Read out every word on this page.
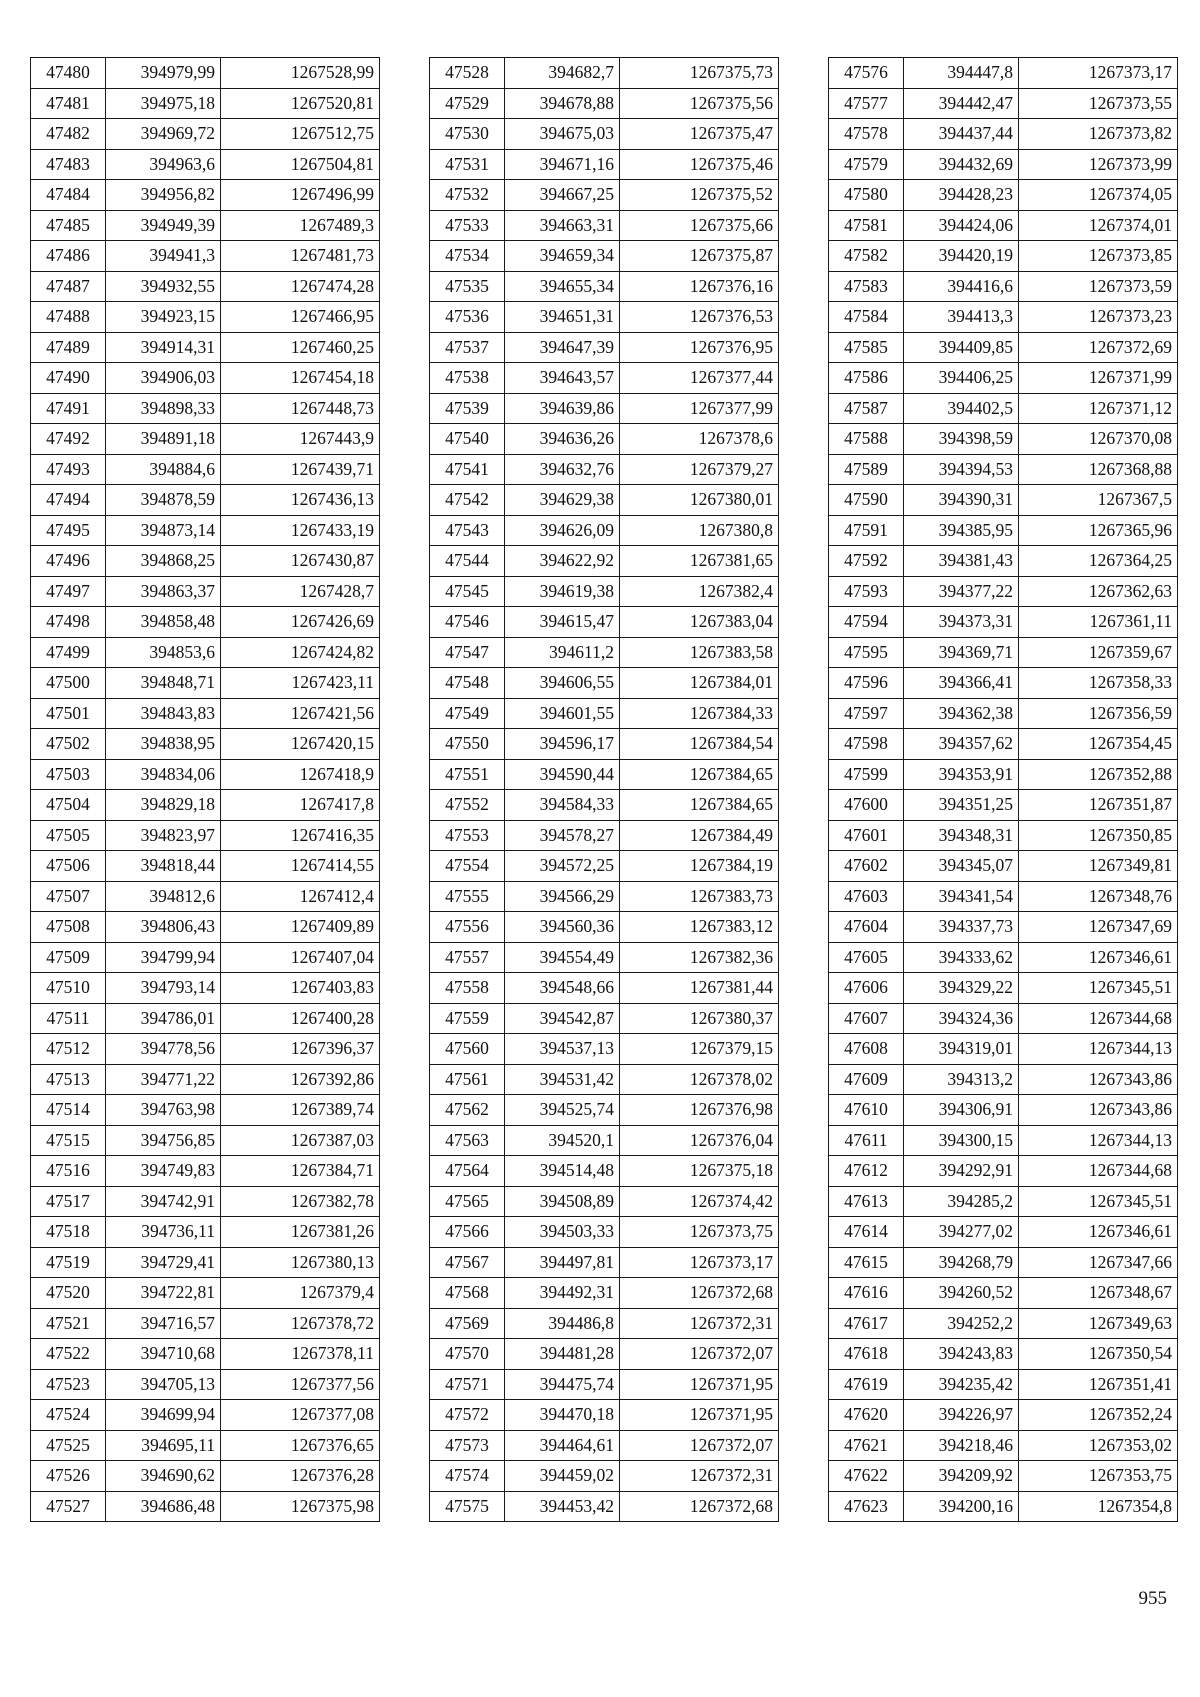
47480	394979,99	1267528,99
47481	394975,18	1267520,81
47482	394969,72	1267512,75
47483	394963,6	1267504,81
47484	394956,82	1267496,99
47485	394949,39	1267489,3
47486	394941,3	1267481,73
47487	394932,55	1267474,28
47488	394923,15	1267466,95
47489	394914,31	1267460,25
47490	394906,03	1267454,18
47491	394898,33	1267448,73
47492	394891,18	1267443,9
47493	394884,6	1267439,71
47494	394878,59	1267436,13
47495	394873,14	1267433,19
47496	394868,25	1267430,87
47497	394863,37	1267428,7
47498	394858,48	1267426,69
47499	394853,6	1267424,82
47500	394848,71	1267423,11
47501	394843,83	1267421,56
47502	394838,95	1267420,15
47503	394834,06	1267418,9
47504	394829,18	1267417,8
47505	394823,97	1267416,35
47506	394818,44	1267414,55
47507	394812,6	1267412,4
47508	394806,43	1267409,89
47509	394799,94	1267407,04
47510	394793,14	1267403,83
47511	394786,01	1267400,28
47512	394778,56	1267396,37
47513	394771,22	1267392,86
47514	394763,98	1267389,74
47515	394756,85	1267387,03
47516	394749,83	1267384,71
47517	394742,91	1267382,78
47518	394736,11	1267381,26
47519	394729,41	1267380,13
47520	394722,81	1267379,4
47521	394716,57	1267378,72
47522	394710,68	1267378,11
47523	394705,13	1267377,56
47524	394699,94	1267377,08
47525	394695,11	1267376,65
47526	394690,62	1267376,28
47527	394686,48	1267375,98
47528	394682,7	1267375,73
47529	394678,88	1267375,56
47530	394675,03	1267375,47
47531	394671,16	1267375,46
47532	394667,25	1267375,52
47533	394663,31	1267375,66
47534	394659,34	1267375,87
47535	394655,34	1267376,16
47536	394651,31	1267376,53
47537	394647,39	1267376,95
47538	394643,57	1267377,44
47539	394639,86	1267377,99
47540	394636,26	1267378,6
47541	394632,76	1267379,27
47542	394629,38	1267380,01
47543	394626,09	1267380,8
47544	394622,92	1267381,65
47545	394619,38	1267382,4
47546	394615,47	1267383,04
47547	394611,2	1267383,58
47548	394606,55	1267384,01
47549	394601,55	1267384,33
47550	394596,17	1267384,54
47551	394590,44	1267384,65
47552	394584,33	1267384,65
47553	394578,27	1267384,49
47554	394572,25	1267384,19
47555	394566,29	1267383,73
47556	394560,36	1267383,12
47557	394554,49	1267382,36
47558	394548,66	1267381,44
47559	394542,87	1267380,37
47560	394537,13	1267379,15
47561	394531,42	1267378,02
47562	394525,74	1267376,98
47563	394520,1	1267376,04
47564	394514,48	1267375,18
47565	394508,89	1267374,42
47566	394503,33	1267373,75
47567	394497,81	1267373,17
47568	394492,31	1267372,68
47569	394486,8	1267372,31
47570	394481,28	1267372,07
47571	394475,74	1267371,95
47572	394470,18	1267371,95
47573	394464,61	1267372,07
47574	394459,02	1267372,31
47575	394453,42	1267372,68
47576	394447,8	1267373,17
47577	394442,47	1267373,55
47578	394437,44	1267373,82
47579	394432,69	1267373,99
47580	394428,23	1267374,05
47581	394424,06	1267374,01
47582	394420,19	1267373,85
47583	394416,6	1267373,59
47584	394413,3	1267373,23
47585	394409,85	1267372,69
47586	394406,25	1267371,99
47587	394402,5	1267371,12
47588	394398,59	1267370,08
47589	394394,53	1267368,88
47590	394390,31	1267367,5
47591	394385,95	1267365,96
47592	394381,43	1267364,25
47593	394377,22	1267362,63
47594	394373,31	1267361,11
47595	394369,71	1267359,67
47596	394366,41	1267358,33
47597	394362,38	1267356,59
47598	394357,62	1267354,45
47599	394353,91	1267352,88
47600	394351,25	1267351,87
47601	394348,31	1267350,85
47602	394345,07	1267349,81
47603	394341,54	1267348,76
47604	394337,73	1267347,69
47605	394333,62	1267346,61
47606	394329,22	1267345,51
47607	394324,36	1267344,68
47608	394319,01	1267344,13
47609	394313,2	1267343,86
47610	394306,91	1267343,86
47611	394300,15	1267344,13
47612	394292,91	1267344,68
47613	394285,2	1267345,51
47614	394277,02	1267346,61
47615	394268,79	1267347,66
47616	394260,52	1267348,67
47617	394252,2	1267349,63
47618	394243,83	1267350,54
47619	394235,42	1267351,41
47620	394226,97	1267352,24
47621	394218,46	1267353,02
47622	394209,92	1267353,75
47623	394200,16	1267354,8
955
